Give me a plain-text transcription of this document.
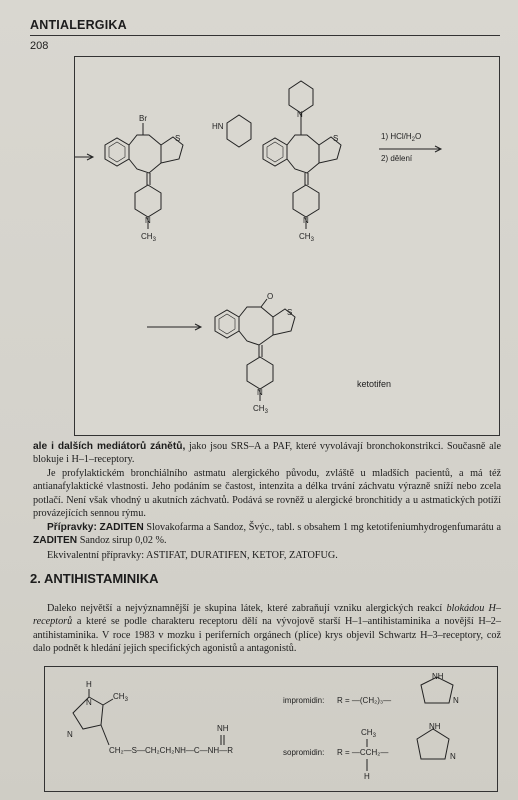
ANTIALERGIKA
208
Br
S
N
$CH_3$
HN
N
S
N
$CH_3$
1) HCl/$H_2O$
2) dělení
O
S
N
$CH_3$
ketotifen

ale i dalších mediátorů zánětů, jako jsou SRS–A a PAF, které vyvolávají bronchokonstrikci. Současně ale blokuje i H–1–receptory.

Je profylaktickém bronchiálního astmatu alergického původu, zvláště u mladších pacientů, a má též antianafylaktické vlastnosti. Jeho podáním se častost, intenzita a délka trvání záchvatu výrazně sníží nebo zcela potlačí. Není však vhodný u akutních záchvatů. Podává se rovněž u alergické bronchitidy a u astmatických potíží provázejících sennou rýmu.

Přípravky: ZADITEN Slovakofarma a Sandoz, Švýc., tabl. s obsahem 1 mg ketotifeniumhydrogenfumarátu a ZADITEN Sandoz sirup 0,02 %.

Ekvivalentní přípravky: ASTIFAT, DURATIFEN, KETOF, ZATOFUG.

2. ANTIHISTAMINIKA

Daleko největší a nejvýznamnější je skupina látek, které zabraňují vzniku alergických reakcí blokádou H–receptorů a které se podle charakteru receptoru dělí na vývojově starší H–1–antihistaminika a novější H–2–antihistaminika. V roce 1983 v mozku i periferních orgánech (plíce) krys objevil Schwartz H–3–receptory, což dalo podnět k hledání jejich specifických agonistů a antagonistů.

H
N
N
$CH_3$
CH₂—S—CH₂CH₂NH—C—NH—R
NH
impromidin: R = —(CH₂)₃—
NH
N
sopromidin: R = —CCH₂—
$CH_3$
H
NH
N
